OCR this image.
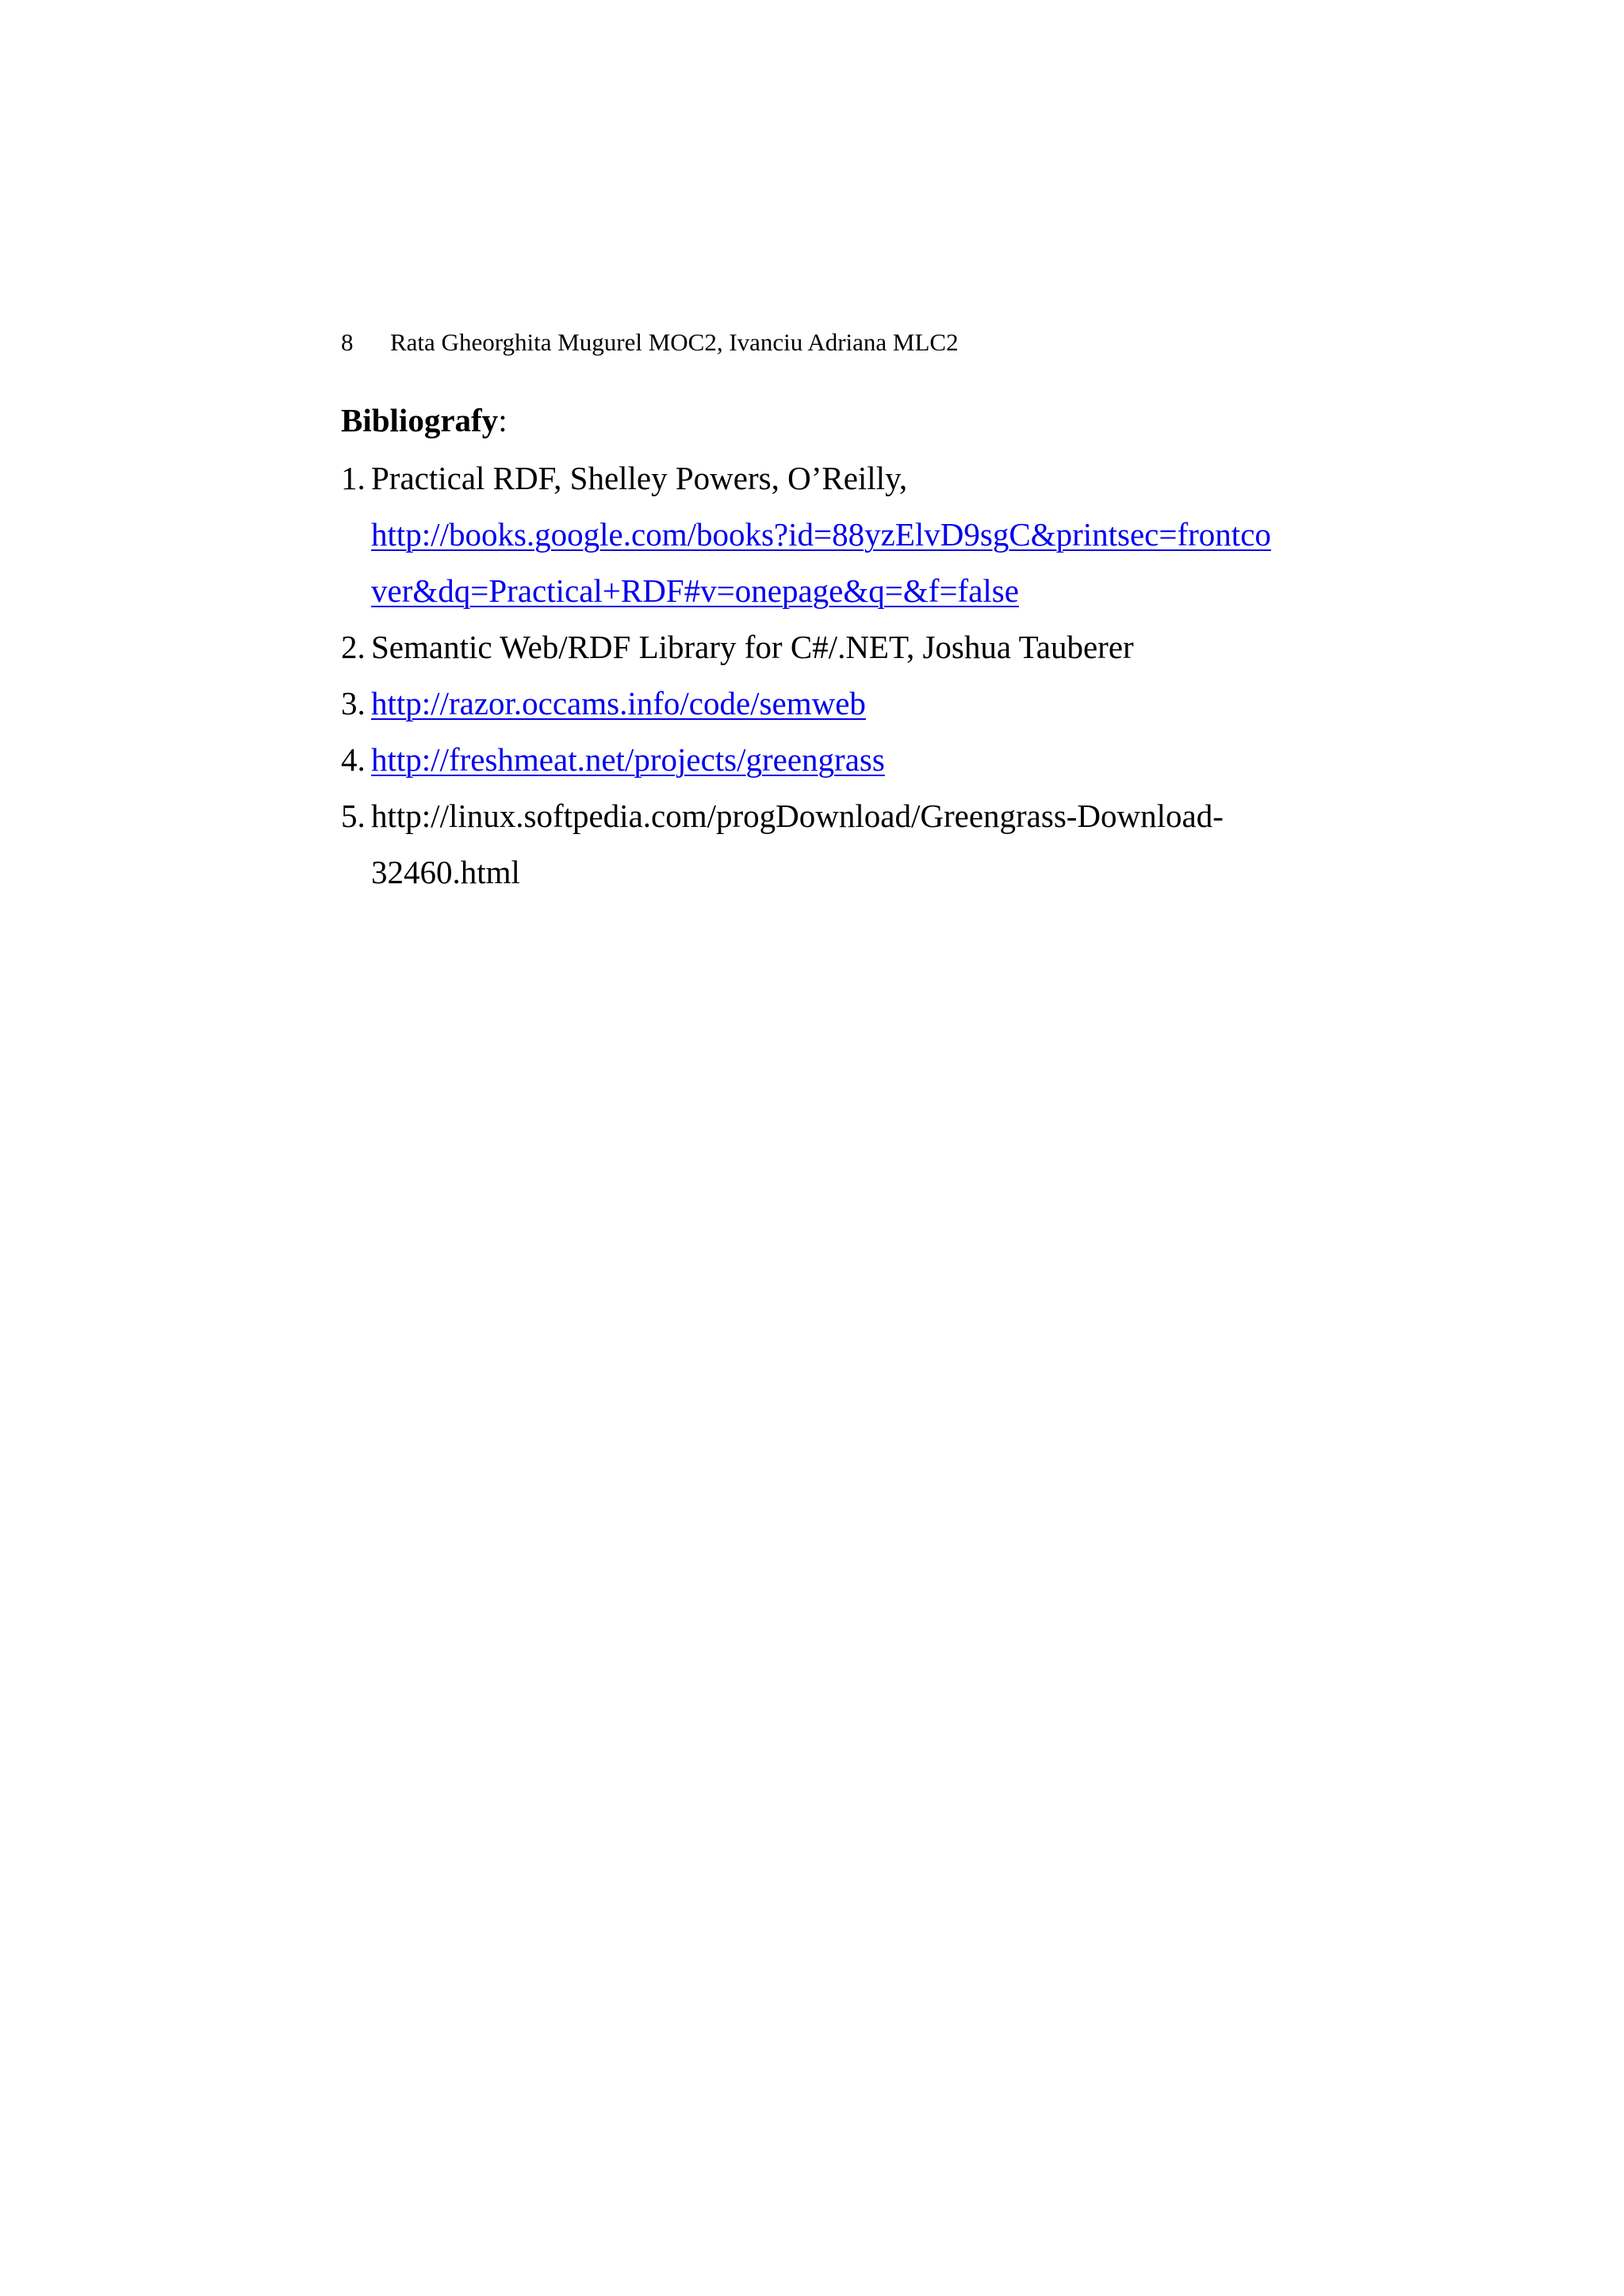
8 Rata Gheorghita Mugurel MOC2, Ivanciu Adriana MLC2
Bibliografy:
1. Practical RDF, Shelley Powers, O’Reilly,
http://books.google.com/books?id=88yzElvD9sgC&printsec=frontco
ver&dq=Practical+RDF#v=onepage&q=&f=false
2. Semantic Web/RDF Library for C#/.NET, Joshua Tauberer
3. http://razor.occams.info/code/semweb
4. http://freshmeat.net/projects/greengrass
5. http://linux.softpedia.com/progDownload/Greengrass-Download-
32460.html
